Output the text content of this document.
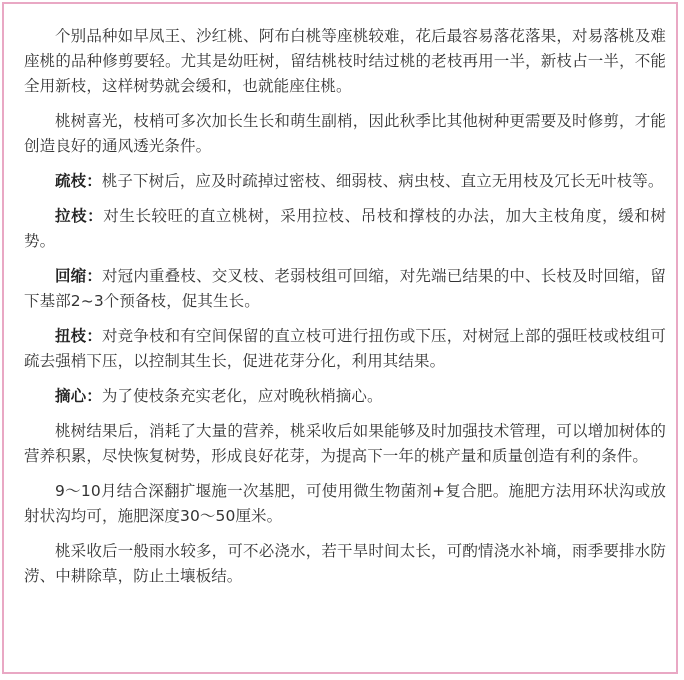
个别品种如早凤王、沙红桃、阿布白桃等座桃较难，花后最容易落花落果，对易落桃及难座桃的品种修剪要轻。尤其是幼旺树，留结桃枝时结过桃的老枝再用一半，新枝占一半，不能全用新枝，这样树势就会缓和，也就能座住桃。

桃树喜光，枝梢可多次加长生长和萌生副梢，因此秋季比其他树种更需要及时修剪，才能创造良好的通风透光条件。

疏枝：桃子下树后，应及时疏掉过密枝、细弱枝、病虫枝、直立无用枝及冗长无叶枝等。

拉枝：对生长较旺的直立桃树，采用拉枝、吊枝和撑枝的办法，加大主枝角度，缓和树势。

回缩：对冠内重叠枝、交叉枝、老弱枝组可回缩，对先端已结果的中、长枝及时回缩，留下基部2~3个预备枝，促其生长。

扭枝：对竞争枝和有空间保留的直立枝可进行扭伤或下压，对树冠上部的强旺枝或枝组可疏去强梢下压，以控制其生长，促进花芽分化，利用其结果。

摘心：为了使枝条充实老化，应对晚秋梢摘心。

桃树结果后，消耗了大量的营养，桃采收后如果能够及时加强技术管理，可以增加树体的营养积累，尽快恢复树势，形成良好花芽，为提高下一年的桃产量和质量创造有利的条件。

9～10月结合深翻扩堰施一次基肥，可使用微生物菌剂+复合肥。施肥方法用环状沟或放射状沟均可，施肥深度30～50厘米。

桃采收后一般雨水较多，可不必浇水，若干旱时间太长，可酌情浇水补墒，雨季要排水防涝、中耕除草，防止土壤板结。
